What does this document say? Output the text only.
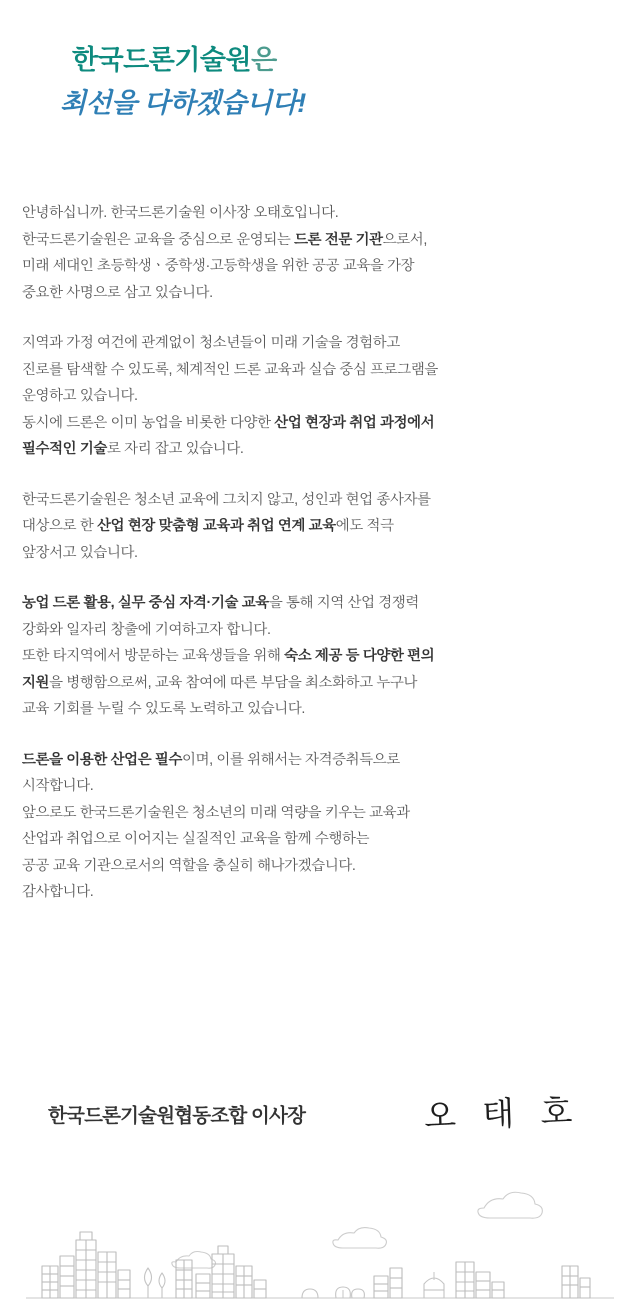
한국드론기술원은
최선을 다하겠습니다!

안녕하십니까. 한국드론기술원 이사장 오태호입니다.
한국드론기술원은 교육을 중심으로 운영되는 드론 전문 기관으로서,
미래 세대인 초등학생ㆍ중학생·고등학생을 위한 공공 교육을 가장
중요한 사명으로 삼고 있습니다.

지역과 가정 여건에 관계없이 청소년들이 미래 기술을 경험하고
진로를 탐색할 수 있도록, 체계적인 드론 교육과 실습 중심 프로그램을
운영하고 있습니다.
동시에 드론은 이미 농업을 비롯한 다양한 산업 현장과 취업 과정에서
필수적인 기술로 자리 잡고 있습니다.

한국드론기술원은 청소년 교육에 그치지 않고, 성인과 현업 종사자를
대상으로 한 산업 현장 맞춤형 교육과 취업 연계 교육에도 적극
앞장서고 있습니다.

농업 드론 활용, 실무 중심 자격·기술 교육을 통해 지역 산업 경쟁력
강화와 일자리 창출에 기여하고자 합니다.
또한 타지역에서 방문하는 교육생들을 위해 숙소 제공 등 다양한 편의
지원을 병행함으로써, 교육 참여에 따른 부담을 최소화하고 누구나
교육 기회를 누릴 수 있도록 노력하고 있습니다.

드론을 이용한 산업은 필수이며, 이를 위해서는 자격증취득으로
시작합니다.
앞으로도 한국드론기술원은 청소년의 미래 역량을 키우는 교육과
산업과 취업으로 이어지는 실질적인 교육을 함께 수행하는
공공 교육 기관으로서의 역할을 충실히 해나가겠습니다.
감사합니다.

한국드론기술원협동조합 이사장	오 태 호
